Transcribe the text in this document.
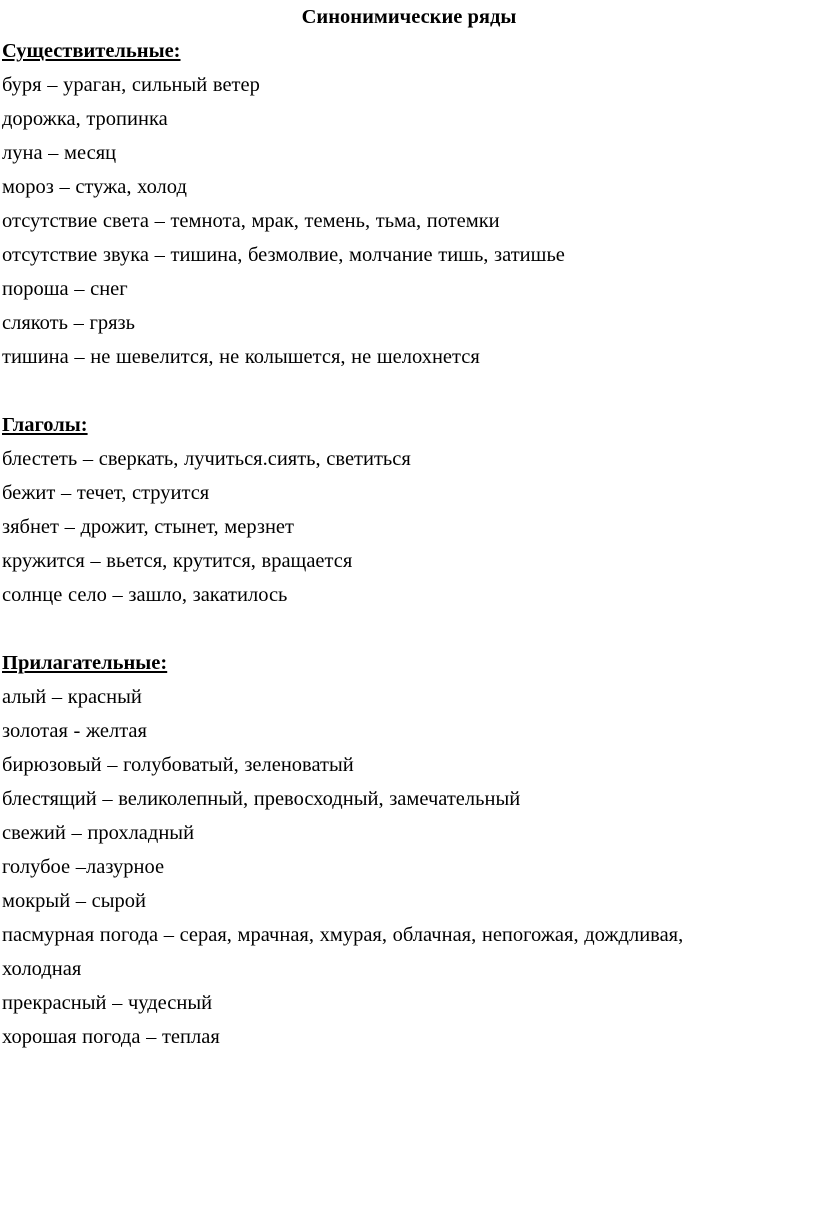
Синонимические ряды

Существительные:

буря – ураган, сильный ветер

дорожка, тропинка

луна – месяц

мороз – стужа, холод

отсутствие света – темнота, мрак, темень, тьма, потемки

отсутствие звука – тишина, безмолвие, молчание тишь, затишье

пороша – снег

слякоть – грязь

тишина – не шевелится, не колышется, не шелохнется

Глаголы:

блестеть – сверкать, лучиться.сиять, светиться

бежит – течет, струится

зябнет – дрожит, стынет, мерзнет

кружится – вьется, крутится, вращается

солнце село – зашло, закатилось

Прилагательные:

алый – красный

золотая - желтая

бирюзовый – голубоватый, зеленоватый

блестящий – великолепный, превосходный, замечательный

свежий – прохладный

голубое –лазурное

мокрый – сырой

пасмурная погода – серая, мрачная, хмурая, облачная, непогожая, дождливая,

холодная

прекрасный – чудесный

хорошая погода – теплая
